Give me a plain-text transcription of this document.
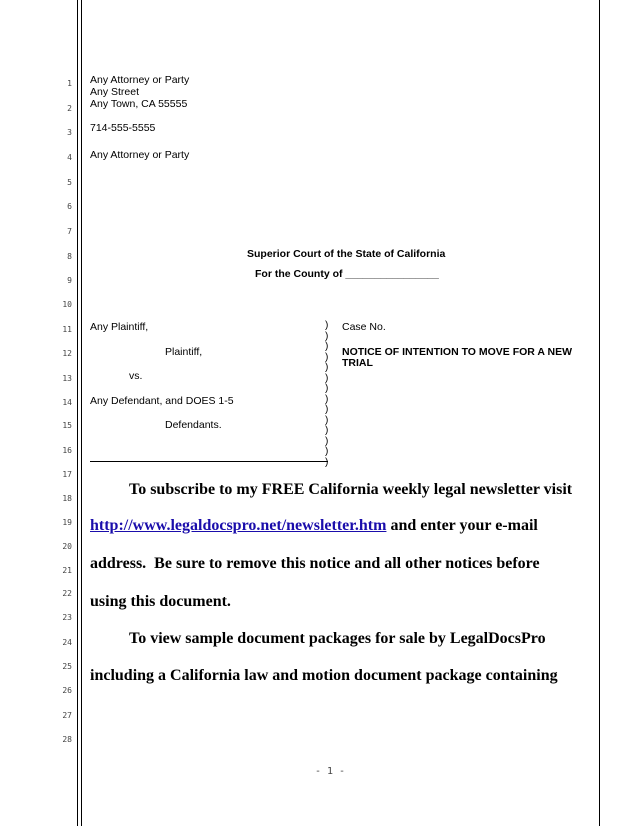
1
2
3
4
5
6
7
8
9
10
11
12
13
14
15
16
17
18
19
20
21
22
23
24
25
26
27
28
Any Attorney or Party
Any Street
Any Town, CA 55555
714-555-5555
Any Attorney or Party
Superior Court of the State of California
For the County of ________________
Any Plaintiff,
Plaintiff,
vs.
Any Defendant, and DOES 1-5
Defendants.
)
)
)
)
)
)
)
)
)
)
)
)
)
)
Case No.
NOTICE OF INTENTION TO MOVE FOR A NEW
TRIAL
To subscribe to my FREE California weekly legal newsletter visit
http://www.legaldocspro.net/newsletter.htm and enter your e-mail
address.  Be sure to remove this notice and all other notices before
using this document.
To view sample document packages for sale by LegalDocsPro
including a California law and motion document package containing
- 1 -
